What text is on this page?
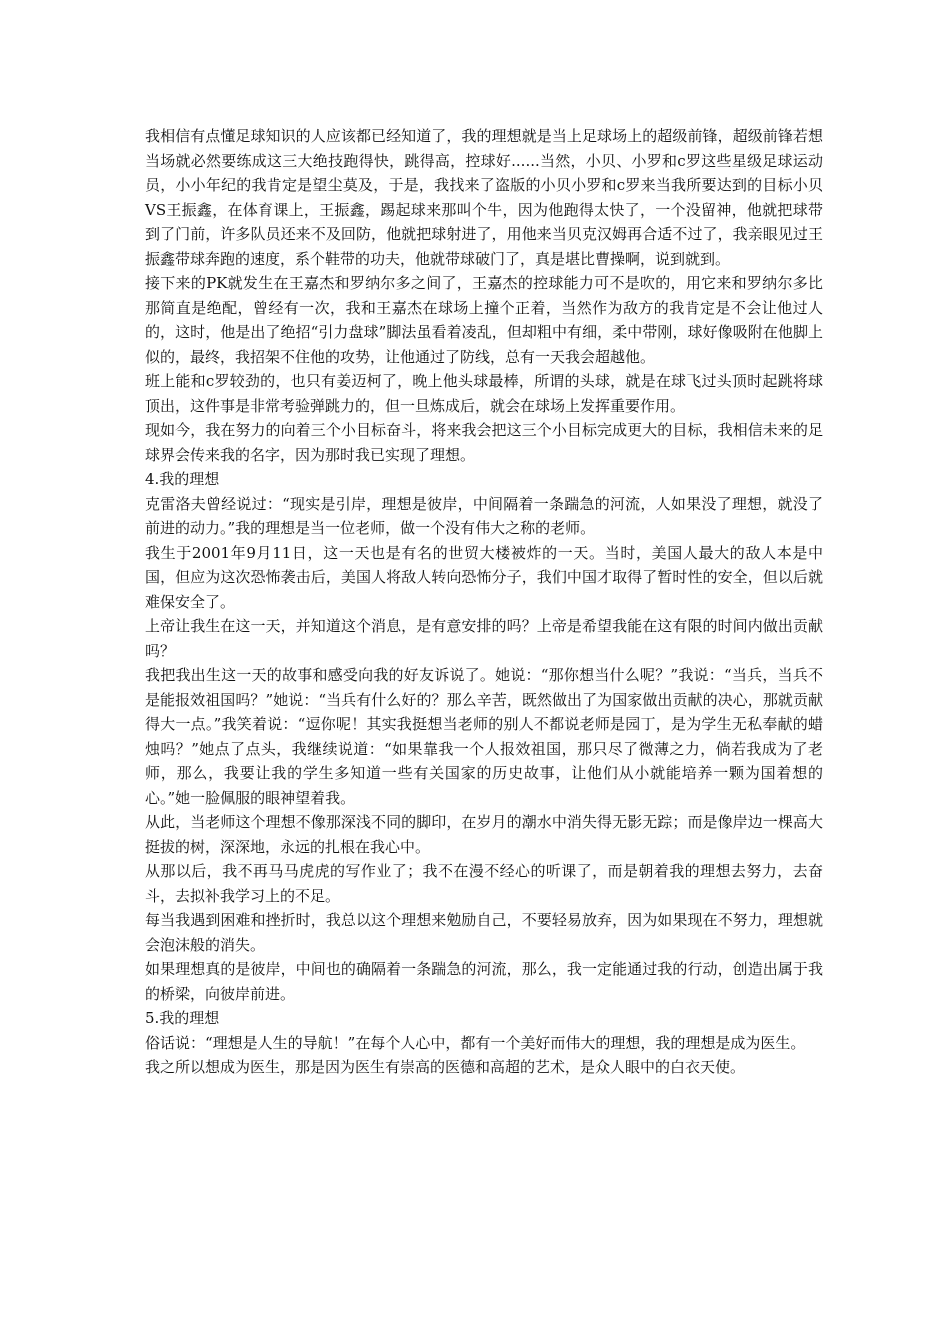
我相信有点懂足球知识的人应该都已经知道了，我的理想就是当上足球场上的超级前锋，超级前锋若想当场就必然要练成这三大绝技跑得快，跳得高，控球好......当然，小贝、小罗和c罗这些星级足球运动员，小小年纪的我肯定是望尘莫及，于是，我找来了盗版的小贝小罗和c罗来当我所要达到的目标小贝VS王振鑫，在体育课上，王振鑫，踢起球来那叫个牛，因为他跑得太快了，一个没留神，他就把球带到了门前，许多队员还来不及回防，他就把球射进了，用他来当贝克汉姆再合适不过了，我亲眼见过王振鑫带球奔跑的速度，系个鞋带的功夫，他就带球破门了，真是堪比曹操啊，说到就到。

接下来的PK就发生在王嘉杰和罗纳尔多之间了，王嘉杰的控球能力可不是吹的，用它来和罗纳尔多比那简直是绝配，曾经有一次，我和王嘉杰在球场上撞个正着，当然作为敌方的我肯定是不会让他过人的，这时，他是出了绝招“引力盘球”脚法虽看着凌乱，但却粗中有细，柔中带刚，球好像吸附在他脚上似的，最终，我招架不住他的攻势，让他通过了防线，总有一天我会超越他。

班上能和c罗较劲的，也只有姜迈柯了，晚上他头球最棒，所谓的头球，就是在球飞过头顶时起跳将球顶出，这件事是非常考验弹跳力的，但一旦炼成后，就会在球场上发挥重要作用。

现如今，我在努力的向着三个小目标奋斗，将来我会把这三个小目标完成更大的目标，我相信未来的足球界会传来我的名字，因为那时我已实现了理想。

4.我的理想

克雷洛夫曾经说过：“现实是引岸，理想是彼岸，中间隔着一条踹急的河流，人如果没了理想，就没了前进的动力。”我的理想是当一位老师，做一个没有伟大之称的老师。

我生于2001年9月11日，这一天也是有名的世贸大楼被炸的一天。当时，美国人最大的敌人本是中国，但应为这次恐怖袭击后，美国人将敌人转向恐怖分子，我们中国才取得了暂时性的安全，但以后就难保安全了。

上帝让我生在这一天，并知道这个消息，是有意安排的吗？上帝是希望我能在这有限的时间内做出贡献吗？

我把我出生这一天的故事和感受向我的好友诉说了。她说：“那你想当什么呢？”我说：“当兵，当兵不是能报效祖国吗？”她说：“当兵有什么好的？那么辛苦，既然做出了为国家做出贡献的决心，那就贡献得大一点。”我笑着说：“逗你呢！其实我挺想当老师的别人不都说老师是园丁，是为学生无私奉献的蜡烛吗？”她点了点头，我继续说道：“如果靠我一个人报效祖国，那只尽了微薄之力，倘若我成为了老师，那么，我要让我的学生多知道一些有关国家的历史故事，让他们从小就能培养一颗为国着想的心。”她一脸佩服的眼神望着我。

从此，当老师这个理想不像那深浅不同的脚印，在岁月的潮水中消失得无影无踪；而是像岸边一棵高大挺拔的树，深深地，永远的扎根在我心中。

从那以后，我不再马马虎虎的写作业了；我不在漫不经心的听课了，而是朝着我的理想去努力，去奋斗，去拟补我学习上的不足。

每当我遇到困难和挫折时，我总以这个理想来勉励自己，不要轻易放弃，因为如果现在不努力，理想就会泡沫般的消失。

如果理想真的是彼岸，中间也的确隔着一条踹急的河流，那么，我一定能通过我的行动，创造出属于我的桥梁，向彼岸前进。

5.我的理想

俗话说：“理想是人生的导航！”在每个人心中，都有一个美好而伟大的理想，我的理想是成为医生。

我之所以想成为医生，那是因为医生有崇高的医德和高超的艺术，是众人眼中的白衣天使。
